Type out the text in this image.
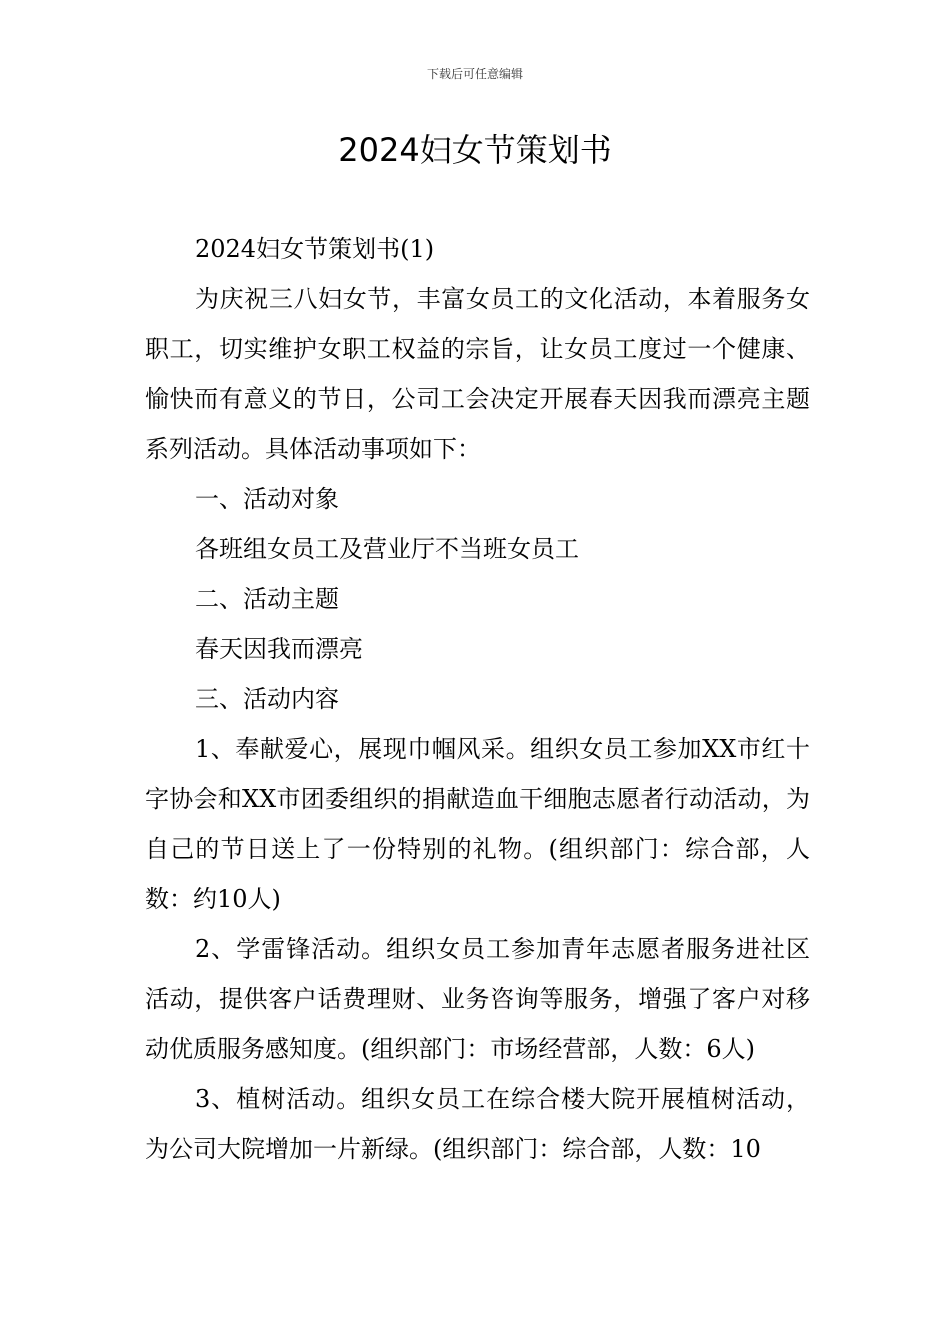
下载后可任意编辑
2024妇女节策划书

2024妇女节策划书(1)

为庆祝三八妇女节，丰富女员工的文化活动，本着服务女职工，切实维护女职工权益的宗旨，让女员工度过一个健康、愉快而有意义的节日，公司工会决定开展春天因我而漂亮主题系列活动。具体活动事项如下：

一、活动对象

各班组女员工及营业厅不当班女员工

二、活动主题

春天因我而漂亮

三、活动内容

1、奉献爱心，展现巾帼风采。组织女员工参加XX市红十字协会和XX市团委组织的捐献造血干细胞志愿者行动活动，为自己的节日送上了一份特别的礼物。(组织部门：综合部，人数：约10人)

2、学雷锋活动。组织女员工参加青年志愿者服务进社区活动，提供客户话费理财、业务咨询等服务，增强了客户对移动优质服务感知度。(组织部门：市场经营部，人数：6人)

3、植树活动。组织女员工在综合楼大院开展植树活动，为公司大院增加一片新绿。(组织部门：综合部，人数：10
